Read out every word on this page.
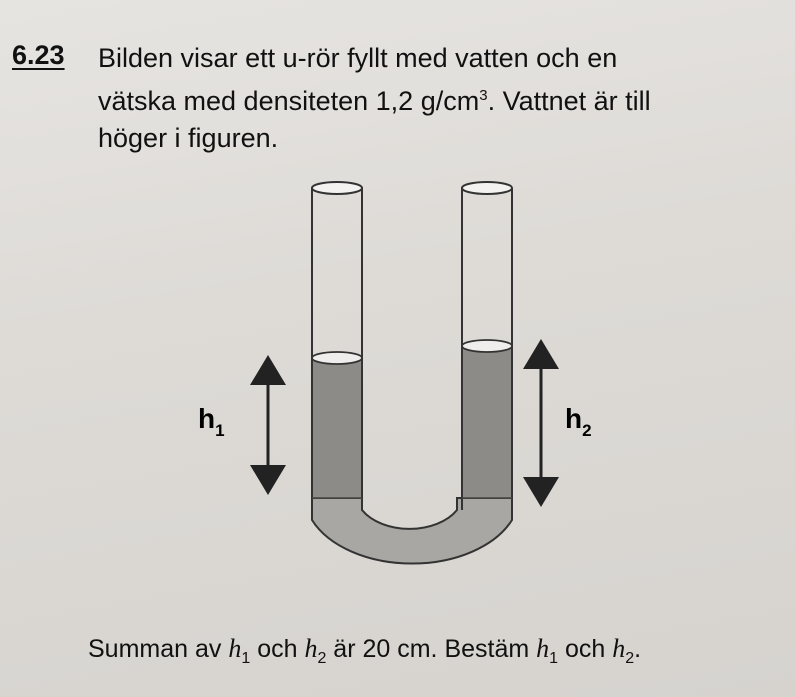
6.23 Bilden visar ett u-rör fyllt med vatten och en
vätska med densiteten 1,2 $g/cm^3$. Vattnet är till
höger i figuren.
$h_1$	$h_2$
Summan av $h_1$ och $h_2$ är 20 cm. Bestäm $h_1$ och $h_2$.
